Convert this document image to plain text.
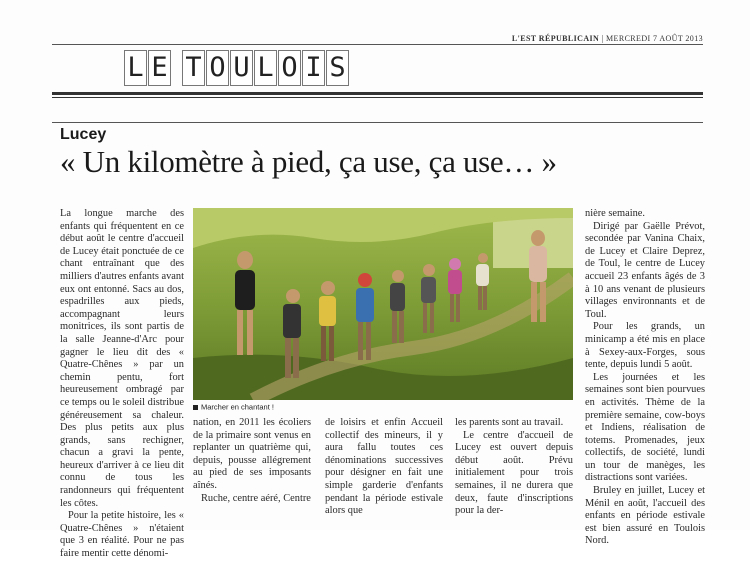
L'EST RÉPUBLICAIN | MERCREDI 7 AOÛT 2013
L E T O U L O I S
Lucey
« Un kilomètre à pied, ça use, ça use… »

La longue marche des enfants qui fréquentent en ce début août le centre d'accueil de Lucey était ponctuée de ce chant entraînant que des milliers d'autres enfants avant eux ont entonné. Sacs au dos, espadrilles aux pieds, accompagnant leurs monitrices, ils sont partis de la salle Jeanne-d'Arc pour gagner le lieu dit des « Quatre-Chênes » par un chemin pentu, fort heureusement ombragé par ce temps ou le soleil distribue généreusement sa chaleur. Des plus petits aux plus grands, sans rechigner, chacun a gravi la pente, heureux d'arriver à ce lieu dit connu de tous les randonneurs qui fréquentent les côtes.

Pour la petite histoire, les « Quatre-Chênes » n'étaient que 3 en réalité. Pour ne pas faire mentir cette dénomi-

Marcher en chantant !

nation, en 2011 les écoliers de la primaire sont venus en replanter un quatrième qui, depuis, pousse allégrement au pied de ses imposants aînés.

Ruche, centre aéré, Centre

de loisirs et enfin Accueil collectif des mineurs, il y aura fallu toutes ces dénominations successives pour désigner en fait une simple garderie d'enfants pendant la période estivale alors que

les parents sont au travail.

Le centre d'accueil de Lucey est ouvert depuis début août. Prévu initialement pour trois semaines, il ne durera que deux, faute d'inscriptions pour la der-

nière semaine.

Dirigé par Gaëlle Prévot, secondée par Vanina Chaix, de Lucey et Claire Deprez, de Toul, le centre de Lucey accueil 23 enfants âgés de 3 à 10 ans venant de plusieurs villages environnants et de Toul.

Pour les grands, un minicamp a été mis en place à Sexey-aux-Forges, sous tente, depuis lundi 5 août.

Les journées et les semaines sont bien pourvues en activités. Thème de la première semaine, cow-boys et Indiens, réalisation de totems. Promenades, jeux collectifs, de société, lundi un tour de manèges, les distractions sont variées.

Bruley en juillet, Lucey et Ménil en août, l'accueil des enfants en période estivale est bien assuré en Toulois Nord.
